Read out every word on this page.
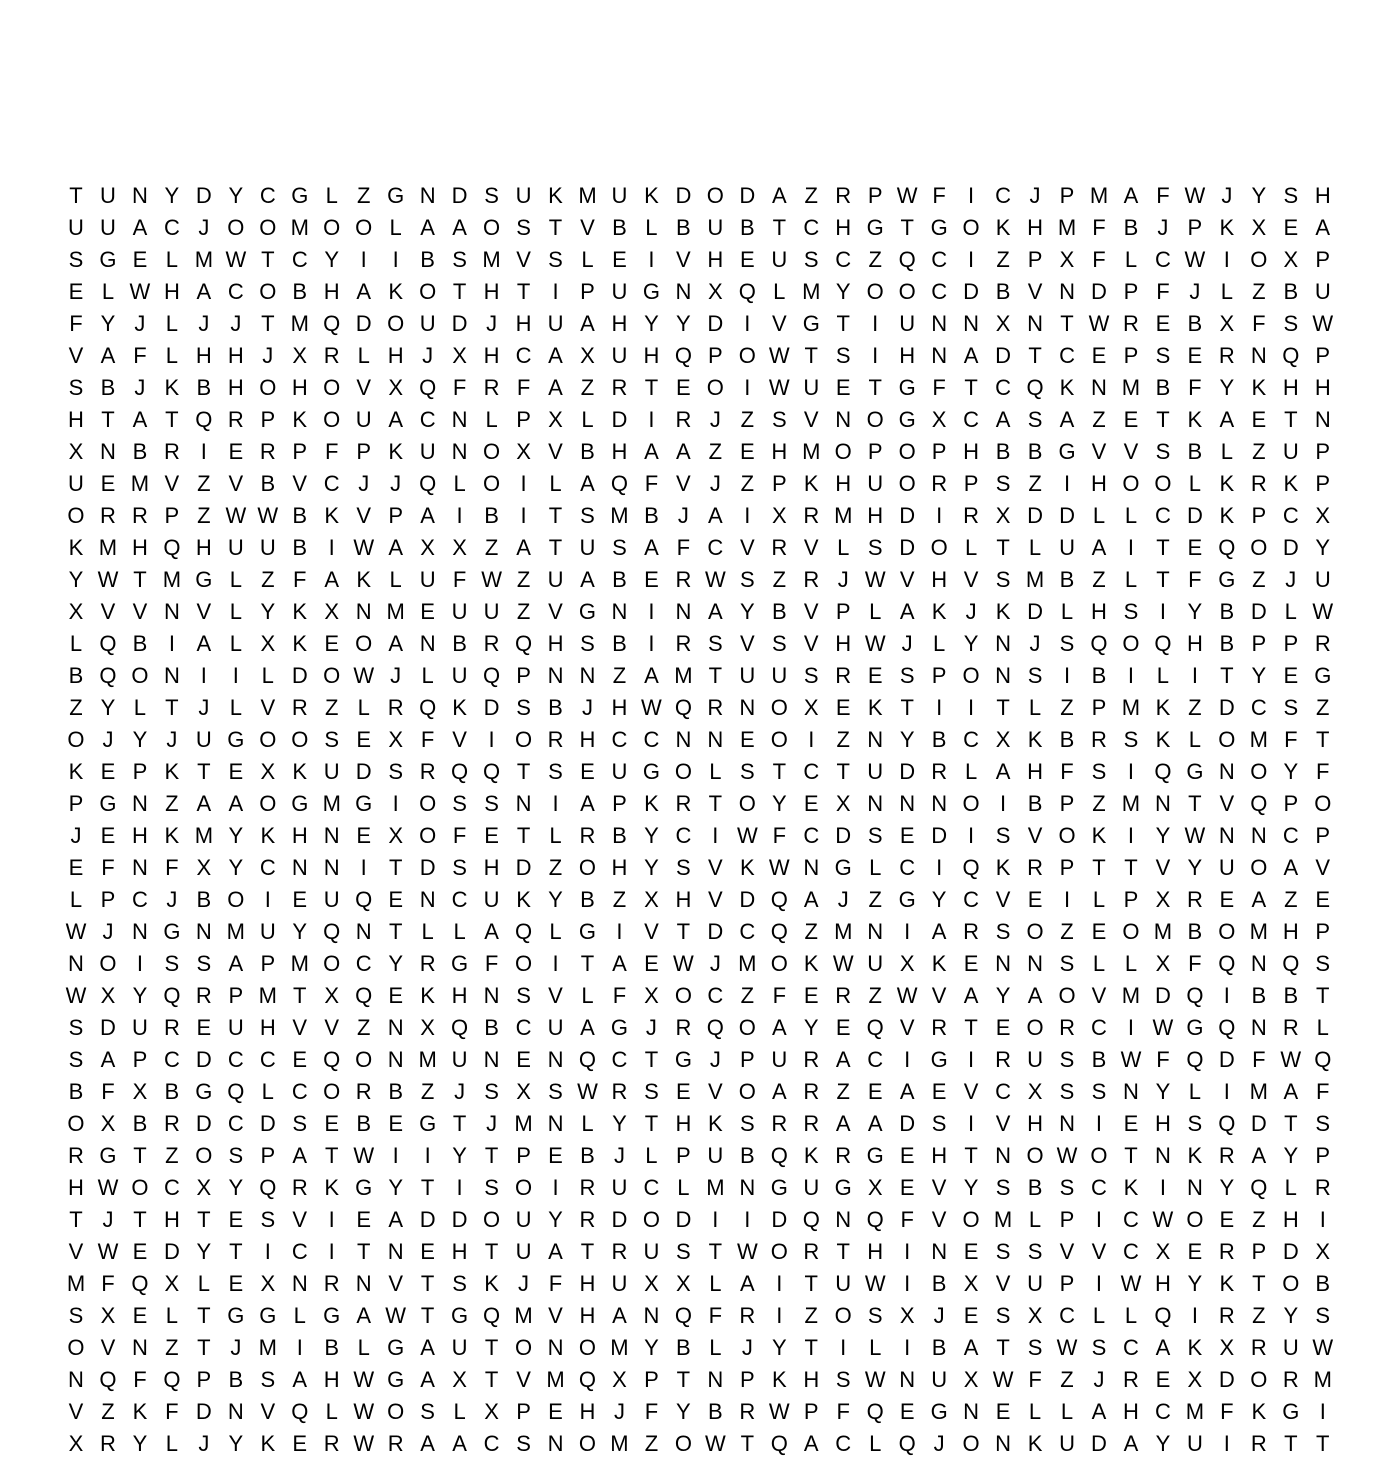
T U N Y D Y C G L Z G N D S U K M U K D O D A Z R P W F	I C J P M A F W J Y S H
U U A C J O O M O O L A A O S T V B L B U B T C H G T G O K H M F B J P K X E A
S G E L M W T C Y I	I B S M V S L E I V H E U S C Z Q C I	Z P X F L C W I O X P
E L W H A C O B H A K O T H T	I P U G N X Q L M Y O O C D B V N D P F J L Z B U
F Y J L J J T M Q D O U D J H U A H Y Y D I V G T	I U N N X N T W R E B X F S W
V A F L H H J X R L H J X H C A X U H Q P O W T S I H N A D T C E P S E R N Q P
S B J K B H O H O V X Q F R F A Z R T E O I W U E T G F T C Q K N M B F Y K H H
H T A T Q R P K O U A C N L P X L D I R J Z S V N O G X C A S A Z E T K A E T N
X N B R I E R P F P K U N O X V B H A A Z E H M O P O P H B B G V V S B L Z U P
U E M V Z V B V C J J Q L O I	L A Q F V J Z P K H U O R P S Z	I H O O L K R K P
O R R P Z W W B K V P A I B I	T S M B J A I X R M H D I R X D D L L C D K P C X
K M H Q H U U B I W A X X Z A T U S A F C V R V L S D O L T L U A I	T E Q O D Y
Y W T M G L Z F A K L U F W Z U A B E R W S Z R J W V H V S M B Z L T F G Z J U
X V V N V L Y K X N M E U U Z V G N I N A Y B V P L A K J K D L H S I Y B D L W
L Q B I A L X K E O A N B R Q H S B I R S V S V H W J L Y N J S Q O Q H B P P R
B Q O N I	I	L D O W J L U Q P N N Z A M T U U S R E S P O N S I B I	L	I	T Y E G
Z Y L T J L V R Z L R Q K D S B J H W Q R N O X E K T	I	I	T L Z P M K Z D C S Z
O J Y J U G O O S E X F V I O R H C C N N E O I	Z N Y B C X K B R S K L O M F T
K E P K T E X K U D S R Q Q T S E U G O L S T C T U D R L A H F S I Q G N O Y F
P G N Z A A O G M G I O S S N I A P K R T O Y E X N N N O I B P Z M N T V Q P O
J E H K M Y K H N E X O F E T L R B Y C I W F C D S E D I S V O K I Y W N N C P
E F N F X Y C N N I	T D S H D Z O H Y S V K W N G L C I Q K R P T T V Y U O A V
L P C J B O I E U Q E N C U K Y B Z X H V D Q A J Z G Y C V E I	L P X R E A Z E
W J N G N M U Y Q N T L L A Q L G I V T D C Q Z M N I A R S O Z E O M B O M H P
N O I S S A P M O C Y R G F O I	T A E W J M O K W U X K E N N S L L X F Q N Q S
W X Y Q R P M T X Q E K H N S V L F X O C Z F E R Z W V A Y A O V M D Q I B B T
S D U R E U H V V Z N X Q B C U A G J R Q O A Y E Q V R T E O R C I W G Q N R L
S A P C D C C E Q O N M U N E N Q C T G J P U R A C I G I R U S B W F Q D F W Q
B F X B G Q L C O R B Z J S X S W R S E V O A R Z E A E V C X S S N Y L	I M A F
O X B R D C D S E B E G T J M N L Y T H K S R R A A D S I V H N I E H S Q D T S
R G T Z O S P A T W I	I Y T P E B J L P U B Q K R G E H T N O W O T N K R A Y P
H W O C X Y Q R K G Y T	I S O I R U C L M N G U G X E V Y S B S C K I N Y Q L R
T J T H T E S V I E A D D O U Y R D O D I	I D Q N Q F V O M L P I C W O E Z H I
V W E D Y T	I C I	T N E H T U A T R U S T W O R T H I N E S S V V C X E R P D X
M F Q X L E X N R N V T S K J F H U X X L A I	T U W I B X V U P I W H Y K T O B
S X E L T G G L G A W T G Q M V H A N Q F R I	Z O S X J E S X C L L Q I R Z Y S
O V N Z T J M I B L G A U T O N O M Y B L J Y T	I	L	I B A T S W S C A K X R U W
N Q F Q P B S A H W G A X T V M Q X P T N P K H S W N U X W F Z J R E X D O R M
V Z K F D N V Q L W O S L X P E H J F Y B R W P F Q E G N E L L A H C M F K G I
X R Y L J Y K E R W R A A C S N O M Z O W T Q A C L Q J O N K U D A Y U I R T T
